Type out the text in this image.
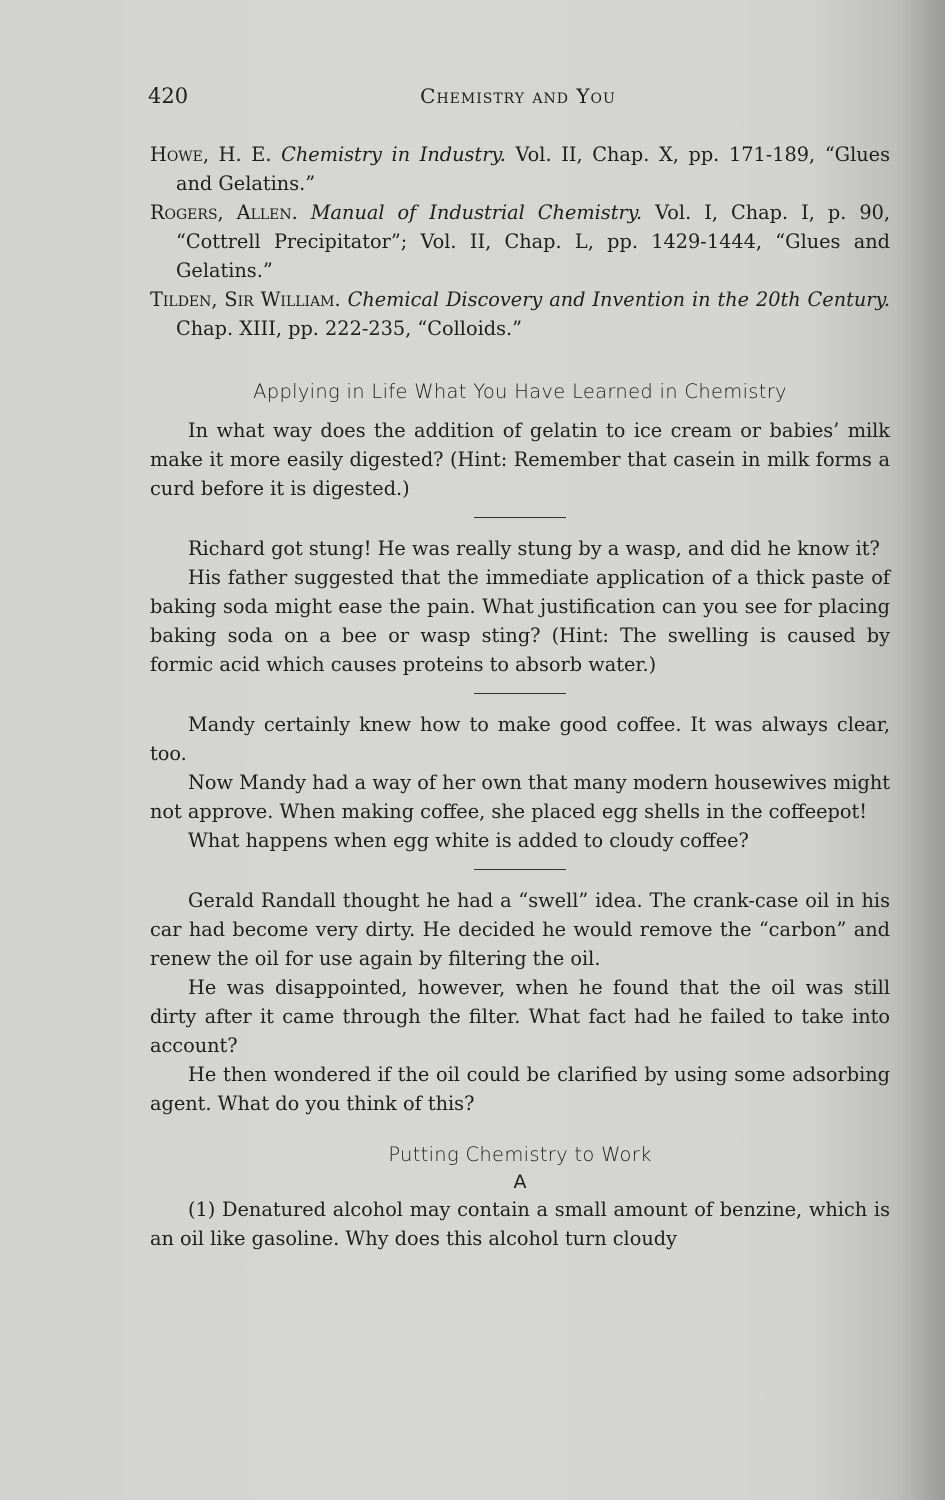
420	Chemistry and You

Howe, H. E. Chemistry in Industry. Vol. II, Chap. X, pp. 171-189, “Glues and Gelatins.”

Rogers, Allen. Manual of Industrial Chemistry. Vol. I, Chap. I, p. 90, “Cottrell Precipitator”; Vol. II, Chap. L, pp. 1429-1444, “Glues and Gelatins.”

Tilden, Sir William. Chemical Discovery and Invention in the 20th Century. Chap. XIII, pp. 222-235, “Colloids.”

Applying in Life What You Have Learned in Chemistry

In what way does the addition of gelatin to ice cream or babies’ milk make it more easily digested? (Hint: Remember that casein in milk forms a curd before it is digested.)

Richard got stung! He was really stung by a wasp, and did he know it?

His father suggested that the immediate application of a thick paste of baking soda might ease the pain. What justification can you see for placing baking soda on a bee or wasp sting? (Hint: The swelling is caused by formic acid which causes proteins to absorb water.)

Mandy certainly knew how to make good coffee. It was always clear, too.

Now Mandy had a way of her own that many modern housewives might not approve. When making coffee, she placed egg shells in the coffeepot!

What happens when egg white is added to cloudy coffee?

Gerald Randall thought he had a “swell” idea. The crank-case oil in his car had become very dirty. He decided he would remove the “carbon” and renew the oil for use again by filtering the oil.

He was disappointed, however, when he found that the oil was still dirty after it came through the filter. What fact had he failed to take into account?

He then wondered if the oil could be clarified by using some adsorbing agent. What do you think of this?

Putting Chemistry to Work
A

(1) Denatured alcohol may contain a small amount of benzine, which is an oil like gasoline. Why does this alcohol turn cloudy
